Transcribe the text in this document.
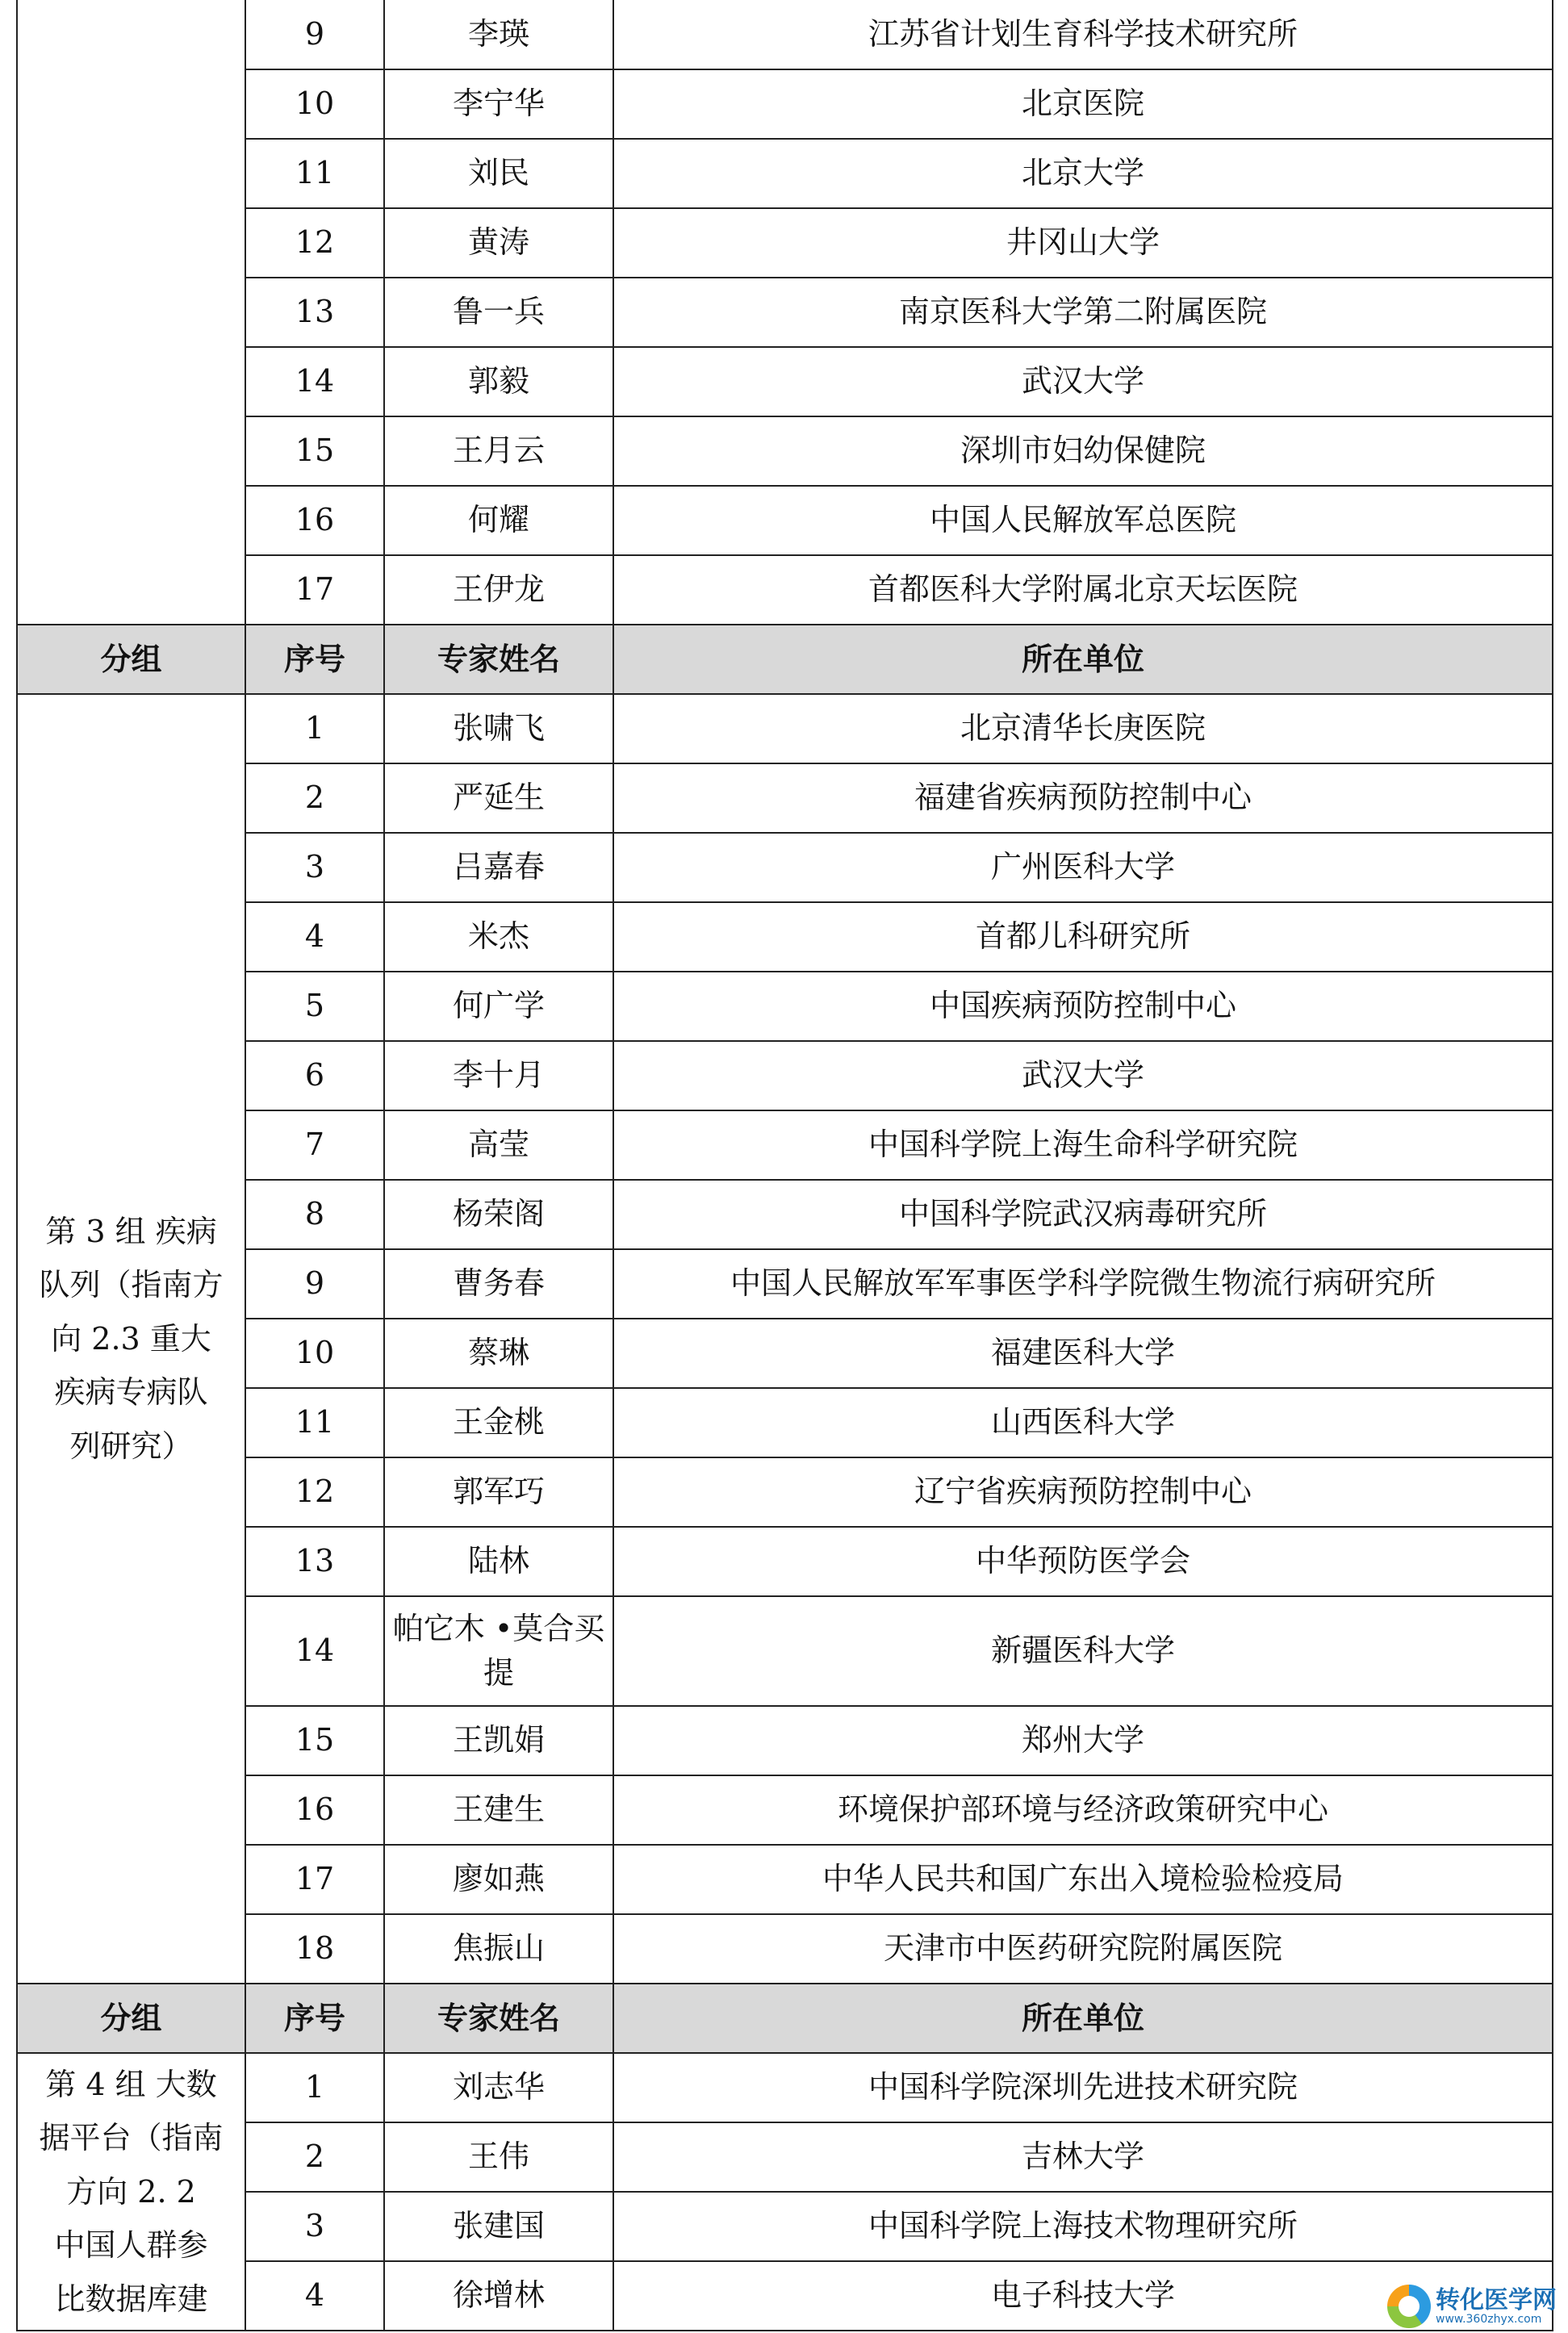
	9	李瑛	江苏省计划生育科学技术研究所
	10	李宁华	北京医院
	11	刘民	北京大学
	12	黄涛	井冈山大学
	13	鲁一兵	南京医科大学第二附属医院
	14	郭毅	武汉大学
	15	王月云	深圳市妇幼保健院
	16	何耀	中国人民解放军总医院
	17	王伊龙	首都医科大学附属北京天坛医院
分组	序号	专家姓名	所在单位

第 3 组 疾病
队列（指南方
向 2.3 重大
疾病专病队
列研究）	1	张啸飞	北京清华长庚医院
	2	严延生	福建省疾病预防控制中心
	3	吕嘉春	广州医科大学
	4	米杰	首都儿科研究所
	5	何广学	中国疾病预防控制中心
	6	李十月	武汉大学
	7	高莹	中国科学院上海生命科学研究院
	8	杨荣阁	中国科学院武汉病毒研究所
	9	曹务春	中国人民解放军军事医学科学院微生物流行病研究所
	10	蔡琳	福建医科大学
	11	王金桃	山西医科大学
	12	郭军巧	辽宁省疾病预防控制中心
	13	陆林	中华预防医学会
	14	帕它木 •莫合买提	新疆医科大学
	15	王凯娟	郑州大学
	16	王建生	环境保护部环境与经济政策研究中心
	17	廖如燕	中华人民共和国广东出入境检验检疫局
	18	焦振山	天津市中医药研究院附属医院
分组	序号	专家姓名	所在单位

第 4 组 大数
据平台（指南
方向 2. 2
中国人群参
比数据库建	1	刘志华	中国科学院深圳先进技术研究院
	2	王伟	吉林大学
	3	张建国	中国科学院上海技术物理研究所
	4	徐增林	电子科技大学	转化医学网
www.360zhyx.com
